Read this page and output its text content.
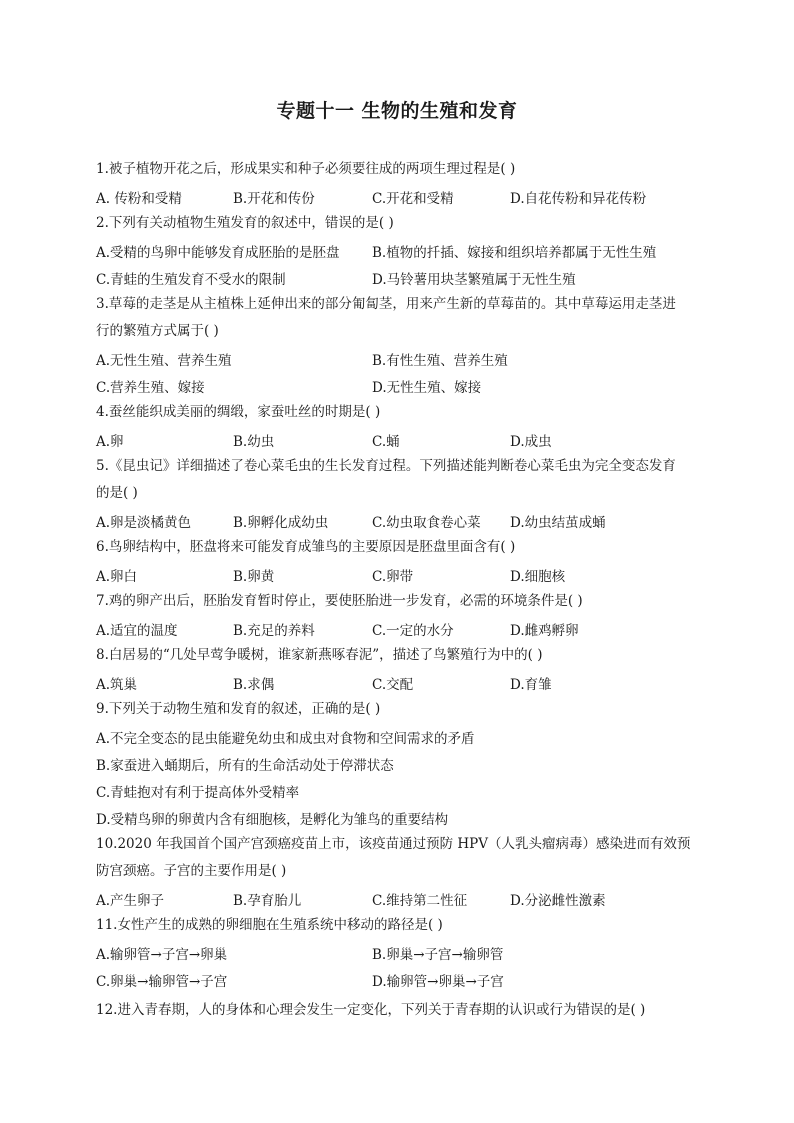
专题十一 生物的生殖和发育
1.被子植物开花之后，形成果实和种子必须要往成的两项生理过程是( )
A. 传粉和受精	B.开花和传份	C.开花和受精	D.自花传粉和异花传粉
2.下列有关动植物生殖发育的叙述中，错误的是( )
A.受精的鸟卵中能够发育成胚胎的是胚盘 B.植物的扦插、嫁接和组织培养都属于无性生殖
C.青蛙的生殖发育不受水的限制	D.马铃薯用块茎繁殖属于无性生殖
3.草莓的走茎是从主植株上延伸出来的部分匍匐茎，用来产生新的草莓苗的。其中草莓运用走茎进
行的繁殖方式属于( )
A.无性生殖、营养生殖	B.有性生殖、营养生殖
C.营养生殖、嫁接	D.无性生殖、嫁接
4.蚕丝能织成美丽的绸缎，家蚕吐丝的时期是( )
A.卵	B.幼虫	C.蛹	D.成虫
5.《昆虫记》详细描述了卷心菜毛虫的生长发育过程。下列描述能判断卷心菜毛虫为完全变态发育
的是( )
A.卵是淡橘黄色	B.卵孵化成幼虫	C.幼虫取食卷心菜 D.幼虫结茧成蛹
6.鸟卵结构中，胚盘将来可能发育成雏鸟的主要原因是胚盘里面含有( )
A.卵白	B.卵黄	C.卵带	D.细胞核
7.鸡的卵产出后，胚胎发育暂时停止，要使胚胎进一步发育，必需的环境条件是( )
A.适宜的温度	B.充足的养料	C.一定的水分	D.雌鸡孵卵
8.白居易的“几处早莺争暖树，谁家新燕啄春泥”，描述了鸟繁殖行为中的( )
A.筑巢	B.求偶	C.交配	D.育雏
9.下列关于动物生殖和发育的叙述，正确的是( )
A.不完全变态的昆虫能避免幼虫和成虫对食物和空间需求的矛盾
B.家蚕进入蛹期后，所有的生命活动处于停滞状态
C.青蛙抱对有利于提高体外受精率
D.受精鸟卵的卵黄内含有细胞核，是孵化为雏鸟的重要结构
10.2020 年我国首个国产宫颈癌疫苗上市，该疫苗通过预防 HPV（人乳头瘤病毒）感染进而有效预
防宫颈癌。子宫的主要作用是( )
A.产生卵子	B.孕育胎儿	C.维持第二性征	D.分泌雌性激素
11.女性产生的成熟的卵细胞在生殖系统中移动的路径是( )
A.输卵管→子宫→卵巢	B.卵巢→子宫→输卵管
C.卵巢→输卵管→子宫	D.输卵管→卵巢→子宫
12.进入青春期，人的身体和心理会发生一定变化，下列关于青春期的认识或行为错误的是( )
